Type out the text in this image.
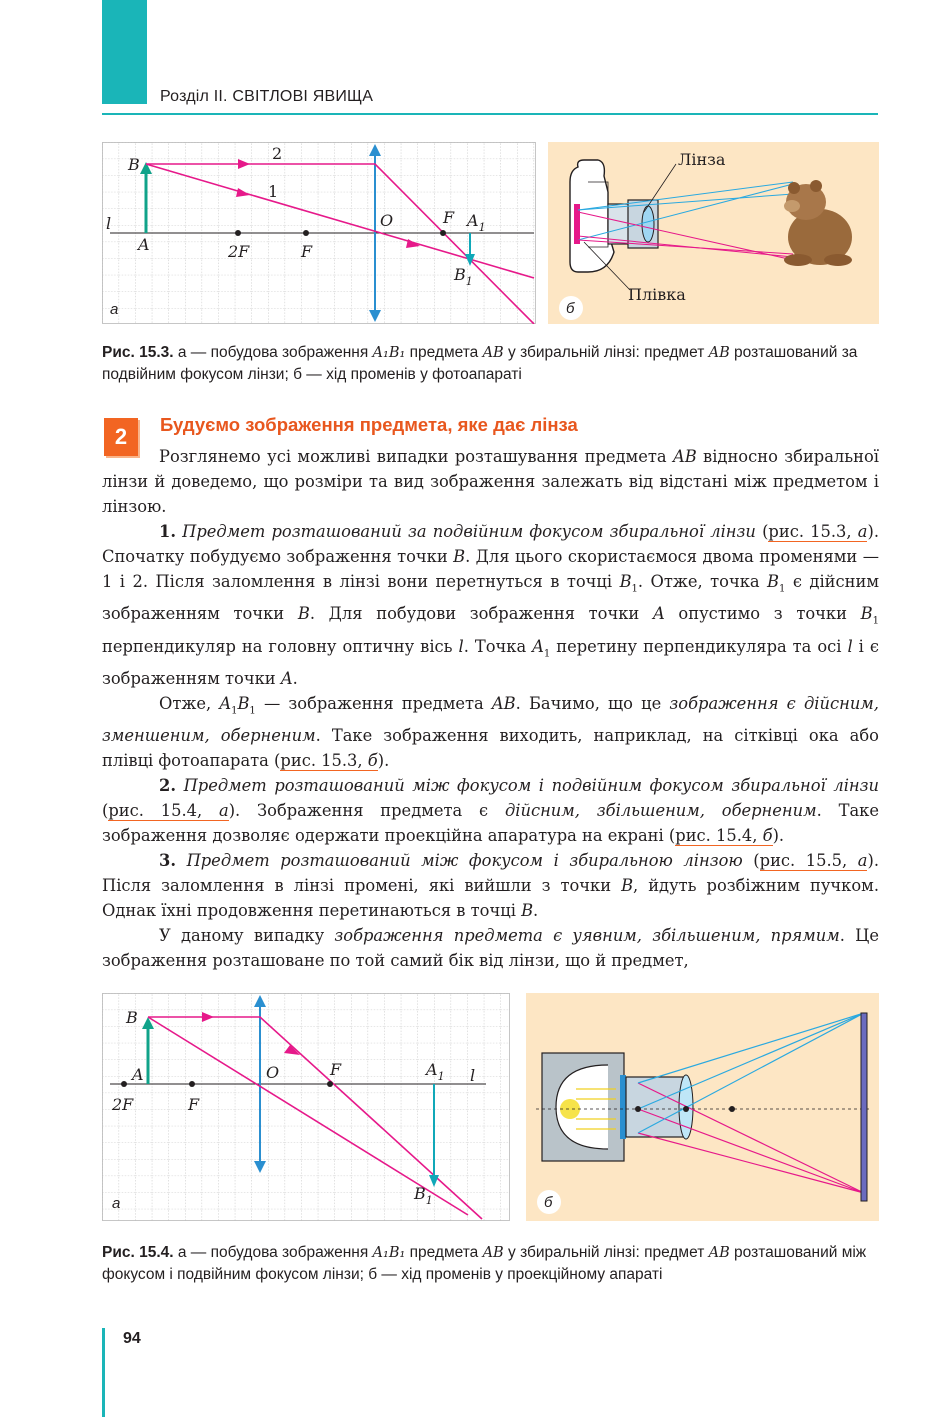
Розділ ІІ. СВІТЛОВІ ЯВИЩА
B
A
l
2F	F
O	F $A_1$
$B_1$
2
1
а
Лінза
Плівка
б
Рис. 15.3. а — побудова зображення A₁B₁ предмета AB у збиральній лінзі: предмет AB розташований за подвійним фокусом лінзи; б — хід променів у фотоапараті
2	Будуємо зображення предмета, яке дає лінза

Розглянемо усі можливі випадки розташування предмета AB відносно збиральної лінзи й доведемо, що розміри та вид зображення залежать від відстані між предметом і лінзою.

1. Предмет розташований за подвійним фокусом збиральної лінзи (рис. 15.3, а). Спочатку побудуємо зображення точки B. Для цього скористаємося двома променями — 1 і 2. Після заломлення в лінзі вони перетнуться в точці $B_1$. Отже, точка $B_1$ є дійсним зображенням точки B. Для побудови зображення точки A опустимо з точки $B_1$ перпендикуляр на головну оптичну вісь l. Точка $A_1$ перетину перпендикуляра та осі l і є зображенням точки A.

Отже, $A_1B_1$ — зображення предмета AB. Бачимо, що це зображення є дійсним, зменшеним, оберненим. Таке зображення виходить, наприклад, на сітківці ока або плівці фотоапарата (рис. 15.3, б).

2. Предмет розташований між фокусом і подвійним фокусом збиральної лінзи (рис. 15.4, а). Зображення предмета є дійсним, збільшеним, оберненим. Таке зображення дозволяє одержати проекційна апаратура на екрані (рис. 15.4, б).

3. Предмет розташований між фокусом і збиральною лінзою (рис. 15.5, а). Після заломлення в лінзі промені, які вийшли з точки B, йдуть розбіжним пучком. Однак їхні продовження перетинаються в точці B.

У даному випадку зображення предмета є уявним, збільшеним, прямим. Це зображення розташоване по той самий бік від лінзи, що й предмет,

B
A
2F	F
O	F	$A_1$ l
$B_1$
а	б
Рис. 15.4. а — побудова зображення A₁B₁ предмета AB у збиральній лінзі: предмет AB розташований між фокусом і подвійним фокусом лінзи; б — хід променів у проекційному апараті
94
